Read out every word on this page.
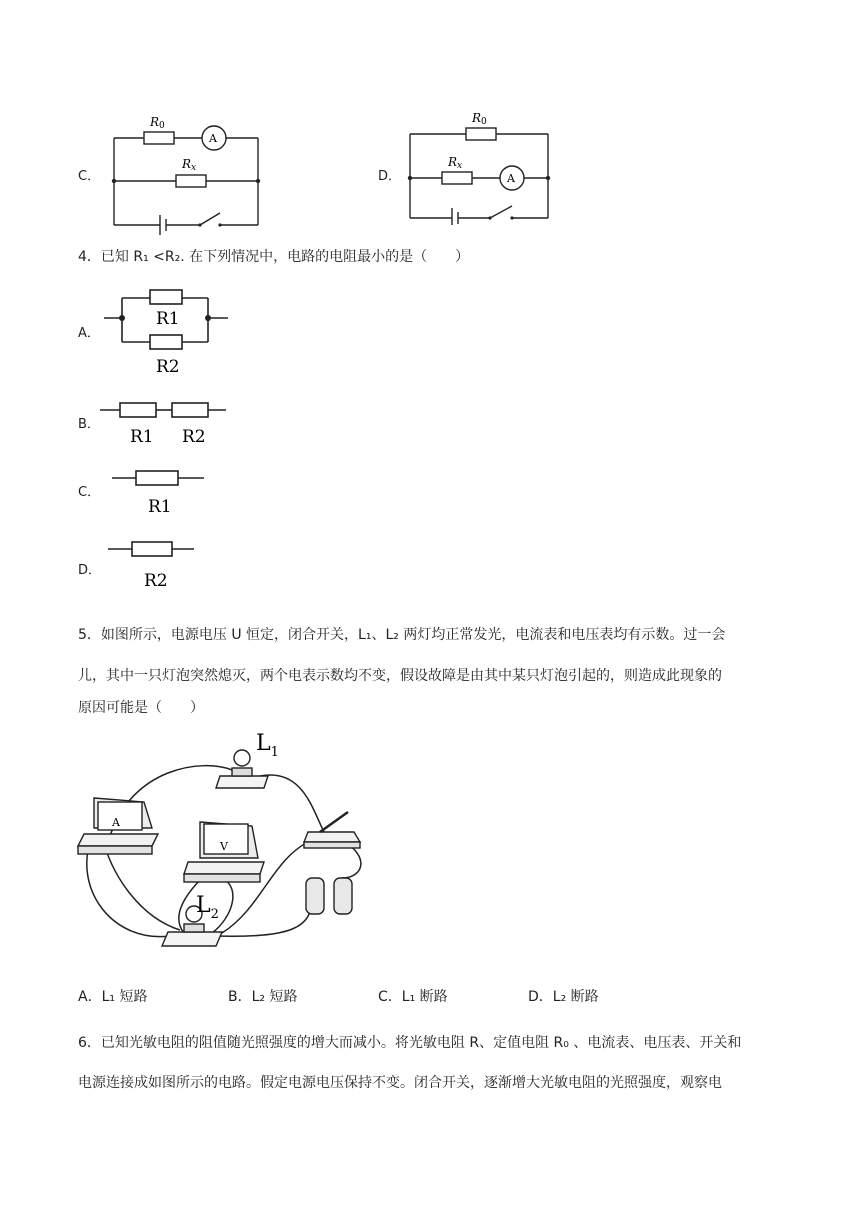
C．
R0
Rx
A
D．
R0
Rx
A
4．已知 R₁ <R₂. 在下列情况中，电路的电阻最小的是（　　）
A．
R1
R2
B．
R1 R2
C．
R1
D．
R2
5．如图所示，电源电压 U 恒定，闭合开关，L₁、L₂ 两灯均正常发光，电流表和电压表均有示数。过一会
儿，其中一只灯泡突然熄灭，两个电表示数均不变，假设故障是由其中某只灯泡引起的，则造成此现象的
原因可能是（　　）
$L_1$
A
V
$L_2$
A．L₁ 短路	B．L₂ 短路	C．L₁ 断路	D．L₂ 断路
6．已知光敏电阻的阻值随光照强度的增大而减小。将光敏电阻 R、定值电阻 R₀ 、电流表、电压表、开关和
电源连接成如图所示的电路。假定电源电压保持不变。闭合开关，逐渐增大光敏电阻的光照强度，观察电
